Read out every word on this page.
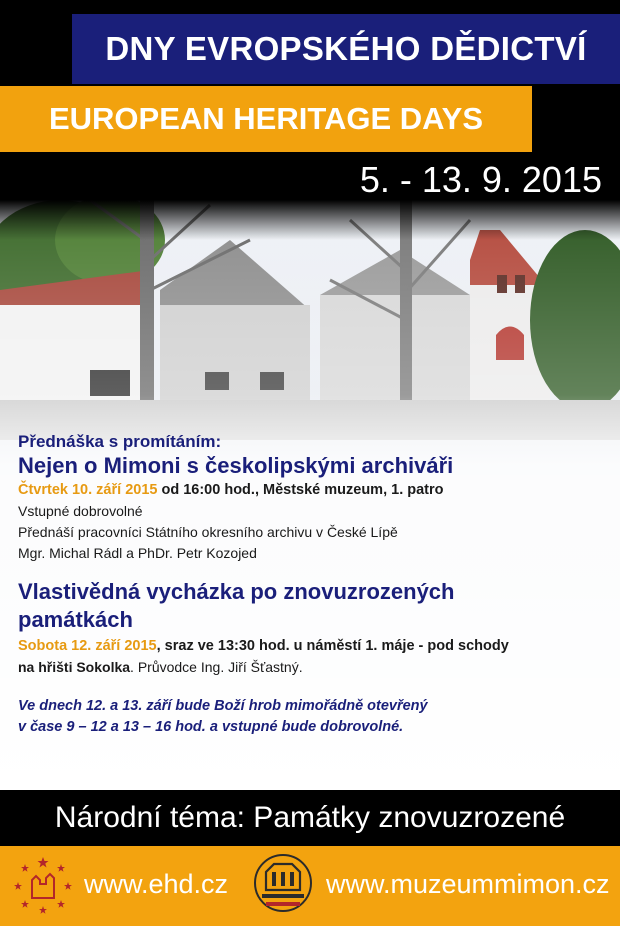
DNY EVROPSKÉHO DĚDICTVÍ
EUROPEAN HERITAGE DAYS
5. - 13. 9. 2015

Přednáška s promítáním:

Nejen o Mimoni s českolipskými archiváři

Čtvrtek 10. září 2015 od 16:00 hod., Městské muzeum, 1. patro
Vstupné dobrovolné
Přednáší pracovníci Státního okresního archivu v České Lípě
Mgr. Michal Rádl a PhDr. Petr Kozojed

Vlastivědná vycházka po znovuzrozených

památkách

Sobota 12. září 2015, sraz ve 13:30 hod. u náměstí 1. máje - pod schody
na hřišti Sokolka. Průvodce Ing. Jiří Šťastný.
Ve dnech 12. a 13. září bude Boží hrob mimořádně otevřený
v čase 9 – 12 a 13 – 16 hod. a vstupné bude dobrovolné.
Národní téma: Památky znovuzrozené
www.ehd.cz	www.muzeummimon.cz
